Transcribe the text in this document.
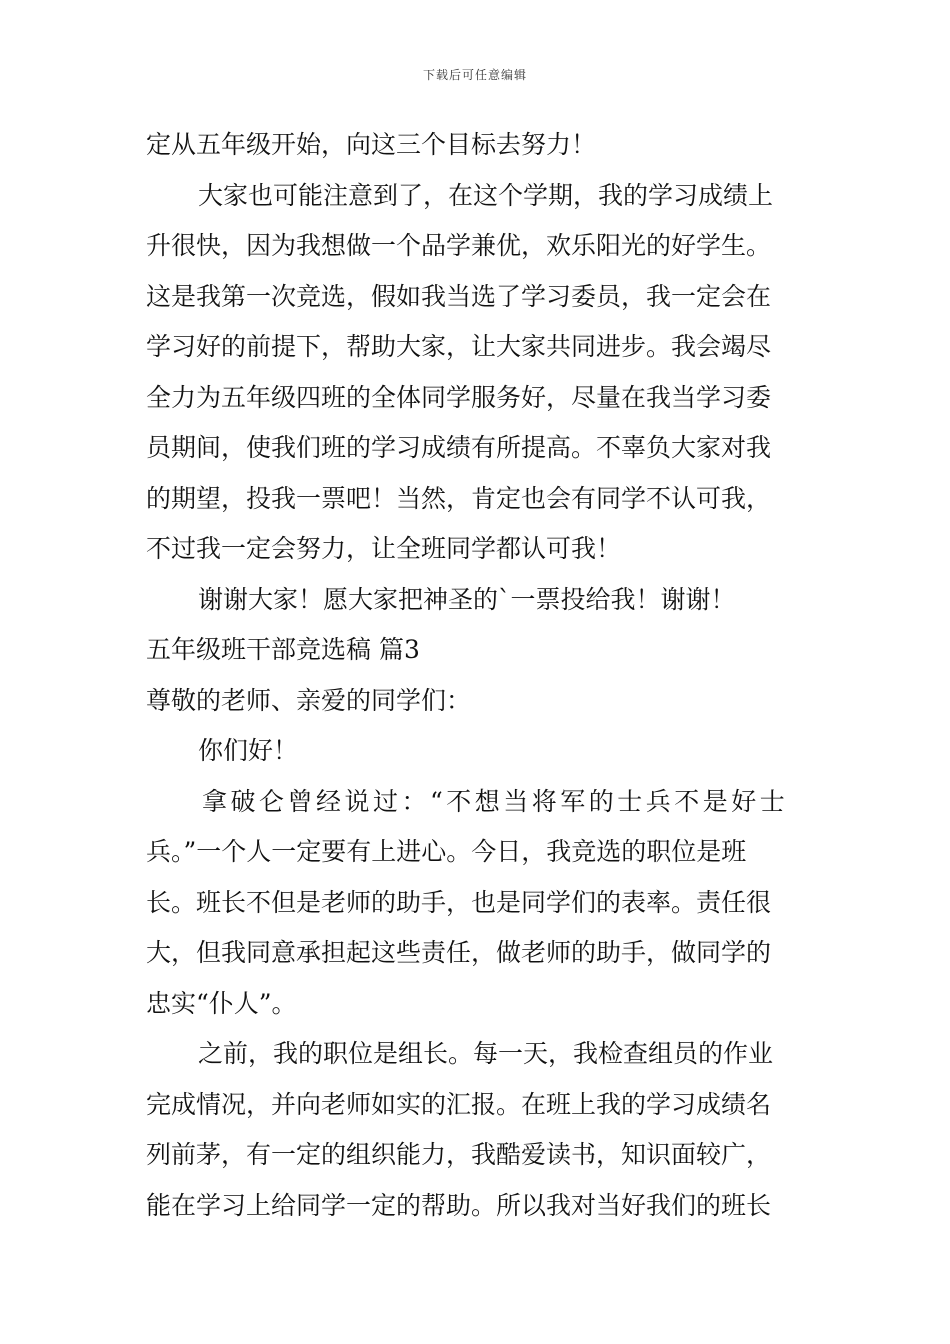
下载后可任意编辑
定从五年级开始，向这三个目标去努力！
大家也可能注意到了，在这个学期，我的学习成绩上
升很快，因为我想做一个品学兼优，欢乐阳光的好学生。
这是我第一次竞选，假如我当选了学习委员，我一定会在
学习好的前提下，帮助大家，让大家共同进步。我会竭尽
全力为五年级四班的全体同学服务好，尽量在我当学习委
员期间，使我们班的学习成绩有所提高。不辜负大家对我
的期望，投我一票吧！当然，肯定也会有同学不认可我，
不过我一定会努力，让全班同学都认可我！
谢谢大家！愿大家把神圣的`一票投给我！谢谢！
五年级班干部竞选稿 篇3
尊敬的老师、亲爱的同学们：
你们好！
拿破仑曾经说过：“不想当将军的士兵不是好士
兵。”一个人一定要有上进心。今日，我竞选的职位是班
长。班长不但是老师的助手，也是同学们的表率。责任很
大，但我同意承担起这些责任，做老师的助手，做同学的
忠实“仆人”。
之前，我的职位是组长。每一天，我检查组员的作业
完成情况，并向老师如实的汇报。在班上我的学习成绩名
列前茅，有一定的组织能力，我酷爱读书，知识面较广，
能在学习上给同学一定的帮助。所以我对当好我们的班长
